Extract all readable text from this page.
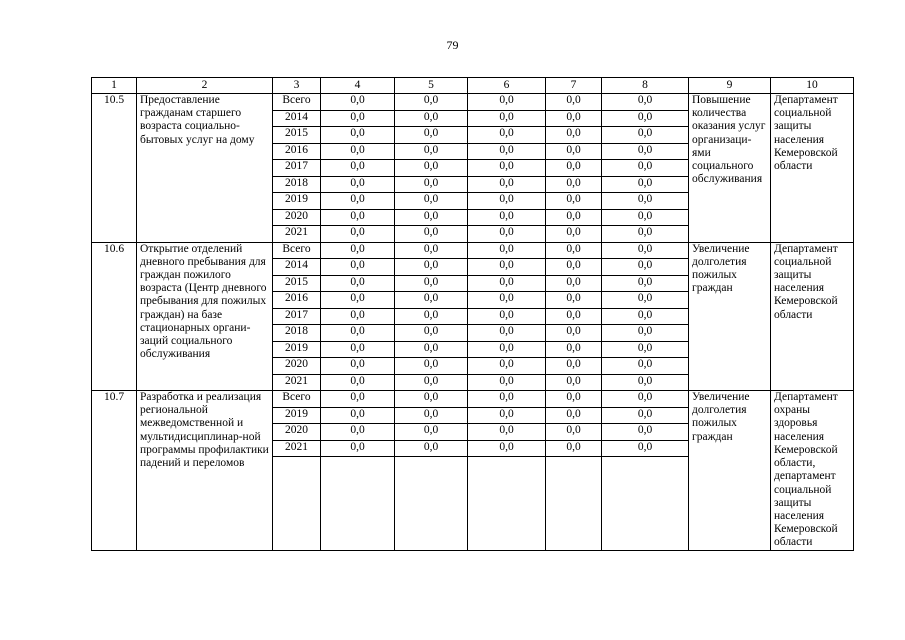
79
1	2	3	4	5	6	7	8	9	10
10.5	Предоставление гражданам старшего возраста социально-бытовых услуг на дому	Всего	0,0	0,0	0,0	0,0	0,0	Повышение количества оказания услуг организаци-ями социального обслуживания	Департамент социальной защиты населения Кемеровской области
		2014	0,0	0,0	0,0	0,0	0,0		
		2015	0,0	0,0	0,0	0,0	0,0		
		2016	0,0	0,0	0,0	0,0	0,0		
		2017	0,0	0,0	0,0	0,0	0,0		
		2018	0,0	0,0	0,0	0,0	0,0		
		2019	0,0	0,0	0,0	0,0	0,0		
		2020	0,0	0,0	0,0	0,0	0,0		
		2021	0,0	0,0	0,0	0,0	0,0		
10.6	Открытие отделений дневного пребывания для граждан пожилого возраста (Центр дневного пребывания для пожилых граждан) на базе стационарных органи-заций социального обслуживания	Всего	0,0	0,0	0,0	0,0	0,0	Увеличение долголетия пожилых граждан	Департамент социальной защиты населения Кемеровской области
		2014	0,0	0,0	0,0	0,0	0,0		
		2015	0,0	0,0	0,0	0,0	0,0		
		2016	0,0	0,0	0,0	0,0	0,0		
		2017	0,0	0,0	0,0	0,0	0,0		
		2018	0,0	0,0	0,0	0,0	0,0		
		2019	0,0	0,0	0,0	0,0	0,0		
		2020	0,0	0,0	0,0	0,0	0,0		
		2021	0,0	0,0	0,0	0,0	0,0		
10.7	Разработка и реализация региональной межведомственной и мультидисциплинар-ной программы профилактики падений и переломов	Всего	0,0	0,0	0,0	0,0	0,0	Увеличение долголетия пожилых граждан	Департамент охраны здоровья населения Кемеровской области, департамент социальной защиты населения Кемеровской области
		2019	0,0	0,0	0,0	0,0	0,0		
		2020	0,0	0,0	0,0	0,0	0,0		
		2021	0,0	0,0	0,0	0,0	0,0		
